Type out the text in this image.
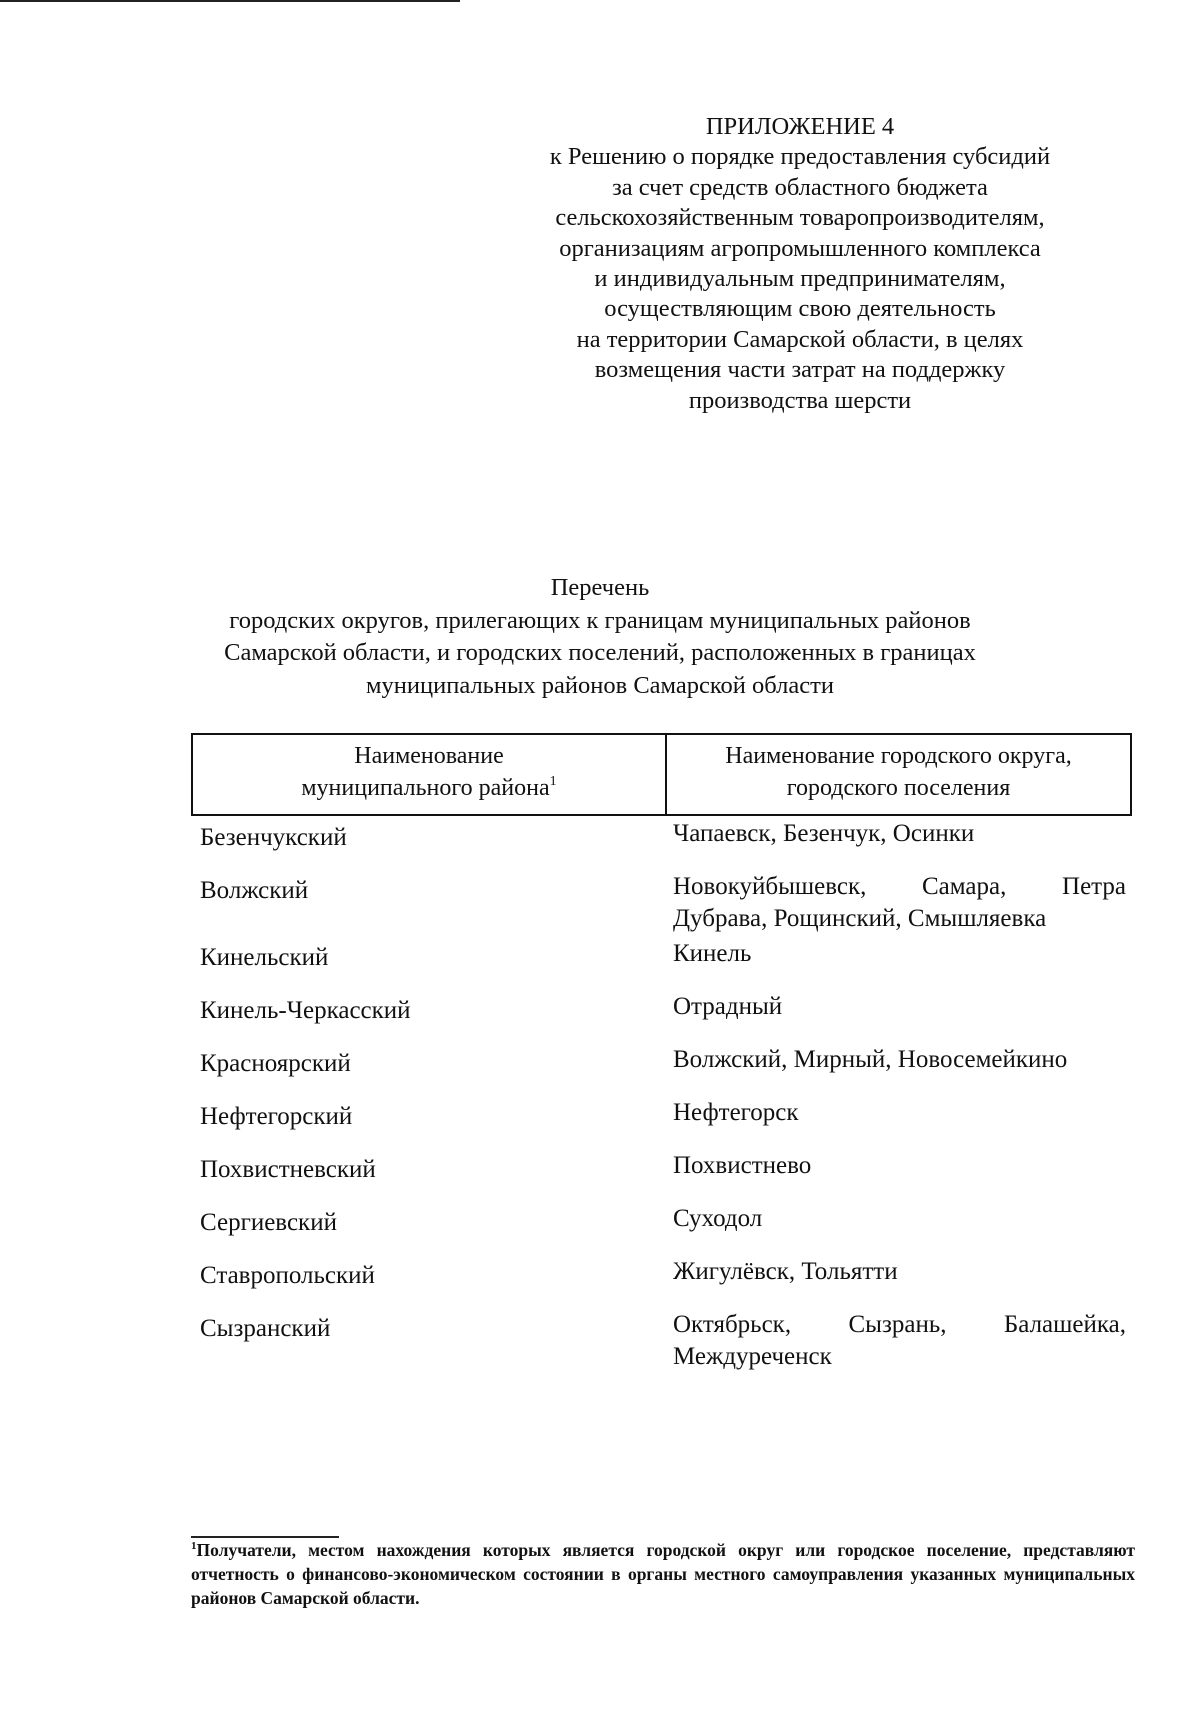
ПРИЛОЖЕНИЕ 4
к Решению о порядке предоставления субсидий
за счет средств областного бюджета
сельскохозяйственным товаропроизводителям,
организациям агропромышленного комплекса
и индивидуальным предпринимателям,
осуществляющим свою деятельность
на территории Самарской области, в целях
возмещения части затрат на поддержку
производства шерсти
Перечень
городских округов, прилегающих к границам муниципальных районов
Самарской области, и городских поселений, расположенных в границах
муниципальных районов Самарской области
Наименование
муниципального района$^1$	Наименование городского округа,
городского поселения
Безенчукский	Чапаевск, Безенчук, Осинки
Волжский	Новокуйбышевск, Самара, Петра Дубрава, Рощинский, Смышляевка
Кинельский	Кинель
Кинель-Черкасский	Отрадный
Красноярский	Волжский, Мирный, Новосемейкино
Нефтегорский	Нефтегорск
Похвистневский	Похвистнево
Сергиевский	Суходол
Ставропольский	Жигулёвск, Тольятти
Сызранский	Октябрьск, Сызрань, Балашейка, Междуреченск
$^1$Получатели, местом нахождения которых является городской округ или городское поселение, представляют отчетность о финансово-экономическом состоянии в органы местного самоуправления указанных муниципальных районов Самарской области.
